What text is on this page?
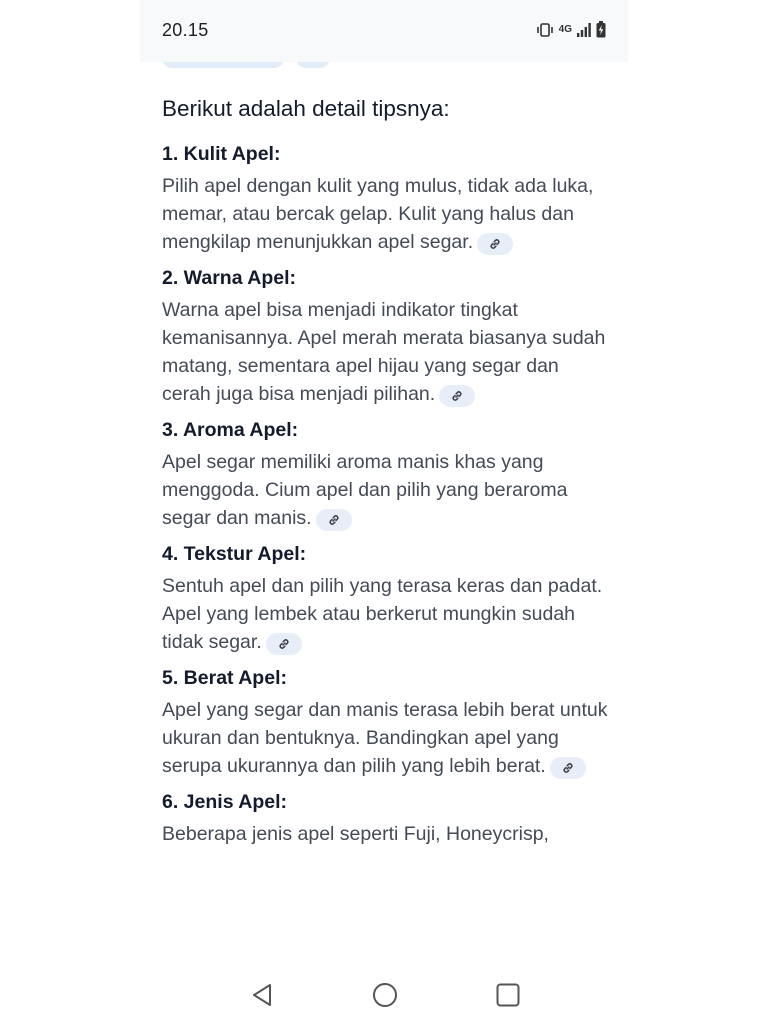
20.15	4G

Berikut adalah detail tipsnya:

1. Kulit Apel:
Pilih apel dengan kulit yang mulus, tidak ada luka, memar, atau bercak gelap. Kulit yang halus dan mengkilap menunjukkan apel segar.
2. Warna Apel:
Warna apel bisa menjadi indikator tingkat kemanisannya. Apel merah merata biasanya sudah matang, sementara apel hijau yang segar dan cerah juga bisa menjadi pilihan.
3. Aroma Apel:
Apel segar memiliki aroma manis khas yang menggoda. Cium apel dan pilih yang beraroma segar dan manis.
4. Tekstur Apel:
Sentuh apel dan pilih yang terasa keras dan padat. Apel yang lembek atau berkerut mungkin sudah tidak segar.
5. Berat Apel:
Apel yang segar dan manis terasa lebih berat untuk ukuran dan bentuknya. Bandingkan apel yang serupa ukurannya dan pilih yang lebih berat.
6. Jenis Apel:
Beberapa jenis apel seperti Fuji, Honeycrisp,
